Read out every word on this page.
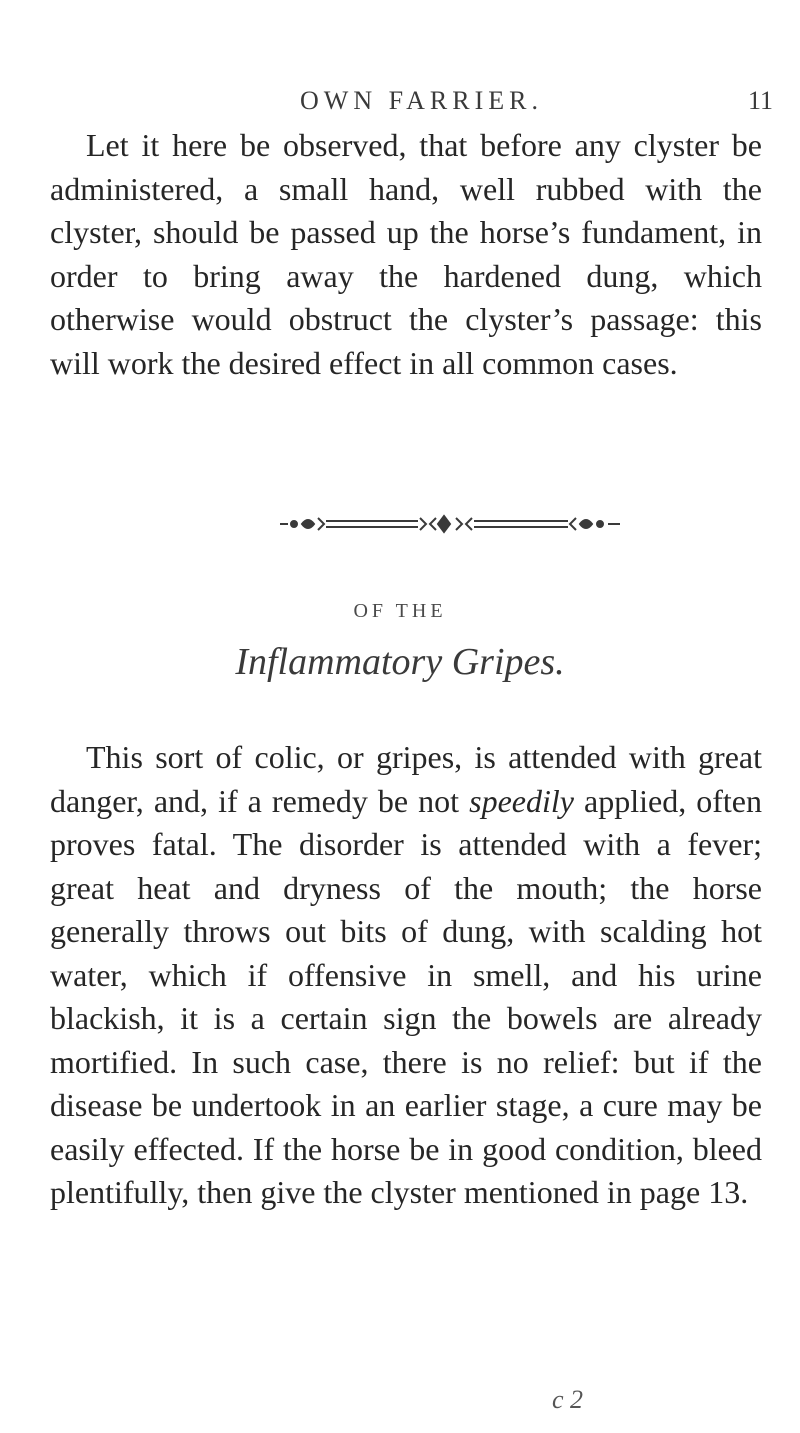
OWN FARRIER.	11

Let it here be observed, that before any clyster be administered, a small hand, well rubbed with the clyster, should be passed up the horse’s fundament, in order to bring away the hardened dung, which otherwise would obstruct the clyster’s passage: this will work the desired effect in all common cases.

OF THE
Inflammatory Gripes.

This sort of colic, or gripes, is attended with great danger, and, if a remedy be not speedily applied, often proves fatal. The disorder is attended with a fever; great heat and dryness of the mouth; the horse generally throws out bits of dung, with scalding hot water, which if offensive in smell, and his urine blackish, it is a certain sign the bowels are already mortified. In such case, there is no relief: but if the disease be undertook in an earlier stage, a cure may be easily effected. If the horse be in good condition, bleed plentifully, then give the clyster mentioned in page 13.

c 2
